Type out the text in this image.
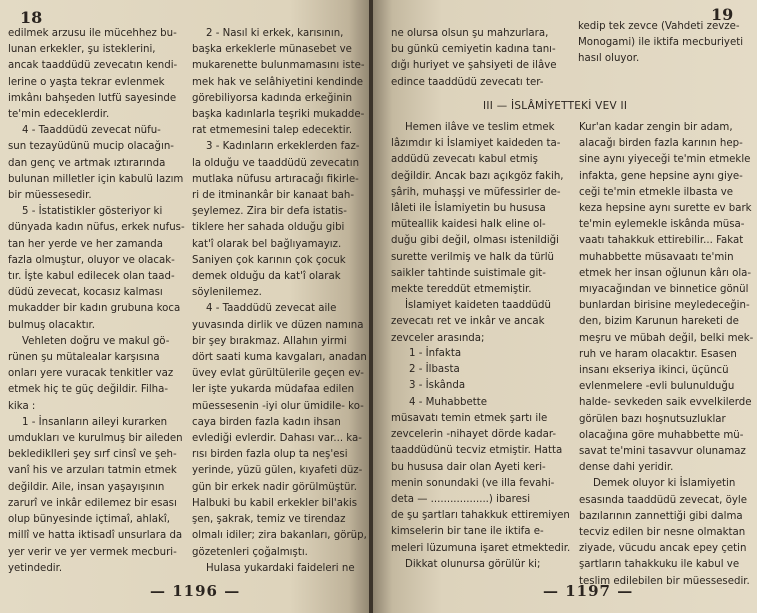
18

edilmek arzusu ile mücehhez bu-

lunan erkekler, şu isteklerini,

ancak taaddüdü zevecatın kendi-

lerine o yaşta tekrar evlenmek

imkânı bahşeden lutfü sayesinde

te'min edeceklerdir.

4 - Taaddüdü zevecat nüfu-

sun tezayüdünü mucip olacağın-

dan genç ve artmak ıztırarında

bulunan milletler için kabulü lazım

bir müessesedir.

5 - İstatistikler gösteriyor ki

dünyada kadın nüfus, erkek nufus-

tan her yerde ve her zamanda

fazla olmuştur, oluyor ve olacak-

tır. İşte kabul edilecek olan taad-

düdü zevecat, kocasız kalması

mukadder bir kadın grubuna koca

bulmuş olacaktır.

Vehleten doğru ve makul gö-

rünen şu mütalealar karşısına

onları yere vuracak tenkitler vaz

etmek hiç te güç değildir. Filha-

kika :

1 - İnsanların aileyi kurarken

umdukları ve kurulmuş bir aileden

beklediklleri şey sırf cinsî ve şeh-

vanî his ve arzuları tatmin etmek

değildir. Aile, insan yaşayışının

zarurî ve inkâr edilemez bir esası

olup bünyesinde içtimaî, ahlakî,

millî ve hatta iktisadî unsurlara da

yer verir ve yer vermek mecburi-

yetindedir.

2 - Nasıl ki erkek, karısının,

başka erkeklerle münasebet ve

mukarenette bulunmamasını iste-

mek hak ve selâhiyetini kendinde

görebiliyorsa kadında erkeğinin

başka kadınlarla teşriki mukadde-

rat etmemesini talep edecektir.

3 - Kadınların erkeklerden faz-

la olduğu ve taaddüdü zevecatın

mutlaka nüfusu artıracağı fikirle-

ri de itminankâr bir kanaat bah-

şeylemez. Zira bir defa istatis-

tiklere her sahada olduğu gibi

kat'î olarak bel bağlıyamayız.

Saniyen çok karının çok çocuk

demek olduğu da kat'î olarak

söylenilemez.

4 - Taaddüdü zevecat aile

yuvasında dirlik ve düzen namına

bir şey bırakmaz. Allahın yirmi

dört saati kuma kavgaları, anadan

üvey evlat gürültülerile geçen ev-

ler işte yukarda müdafaa edilen

müessesenin -iyi olur ümidile- ko-

caya birden fazla kadın ihsan

evlediği evlerdir. Dahası var... ka-

rısı birden fazla olup ta neş'esi

yerinde, yüzü gülen, kıyafeti düz-

gün bir erkek nadir görülmüştür.

Halbuki bu kabil erkekler bil'akis

şen, şakrak, temiz ve tirendaz

olmalı idiler; zira bakanları, görüp,

gözetenleri çoğalmıştı.

Hulasa yukardaki faideleri ne

— 1196 —
19

ne olursa olsun şu mahzurlara,

bu günkü cemiyetin kadına tanı-

dığı huriyet ve şahsiyeti de ilâve

edince taaddüdü zevecatı ter-

kedip tek zevce (Vahdeti zevze-

Monogami) ile iktifa mecburiyeti

hasıl oluyor.

III — İSLÂMİYETTEKİ VEV II

Hemen ilâve ve teslim etmek

lâzımdır ki İslamiyet kaideden ta-

addüdü zevecatı kabul etmiş

değildir. Ancak bazı açıkgöz fakih,

şârih, muhaşşi ve müfessirler de-

lâleti ile İslamiyetin bu hususa

müteallik kaidesi halk eline ol-

duğu gibi değil, olması istenildiği

surette verilmiş ve halk da türlü

saikler tahtinde suistimale git-

mekte tereddüt etmemiştir.

İslamiyet kaideten taaddüdü

zevecatı ret ve inkâr ve ancak

zevceler arasında;

1 - İnfakta

2 - İlbasta

3 - İskânda

4 - Muhabbette

müsavatı temin etmek şartı ile

zevcelerin -nihayet dörde kadar-

taaddüdünü tecviz etmiştir. Hatta

bu hususa dair olan Ayeti keri-

menin sonundaki (ve illa fevahi-

deta — ..................) ibaresi

de şu şartları tahakkuk ettiremiyen

kimselerin bir tane ile iktifa e-

meleri lüzumuna işaret etmektedir.

Dikkat olunursa görülür ki;

Kur'an kadar zengin bir adam,

alacağı birden fazla karının hep-

sine aynı yiyeceği te'min etmekle

infakta, gene hepsine aynı giye-

ceği te'min etmekle ilbasta ve

keza hepsine aynı surette ev bark

te'min eylemekle iskânda müsa-

vaatı tahakkuk ettirebilir... Fakat

muhabbette müsavaatı te'min

etmek her insan oğlunun kârı ola-

mıyacağından ve binnetice gönül

bunlardan birisine meyledeceğin-

den, bizim Karunun hareketi de

meşru ve mübah değil, belki mek-

ruh ve haram olacaktır. Esasen

insanı ekseriya ikinci, üçüncü

evlenmelere -evli bulunulduğu

halde- sevkeden saik evvelkilerde

görülen bazı hoşnutsuzluklar

olacağına göre muhabbette mü-

savat te'mini tasavvur olunamaz

dense dahi yeridir.

Demek oluyor ki İslamiyetin

esasında taaddüdü zevecat, öyle

bazılarının zannettiği gibi dalma

tecviz edilen bir nesne olmaktan

ziyade, vücudu ancak epey çetin

şartların tahakkuku ile kabul ve

teslim edilebilen bir müessesedir.

— 1197 —
